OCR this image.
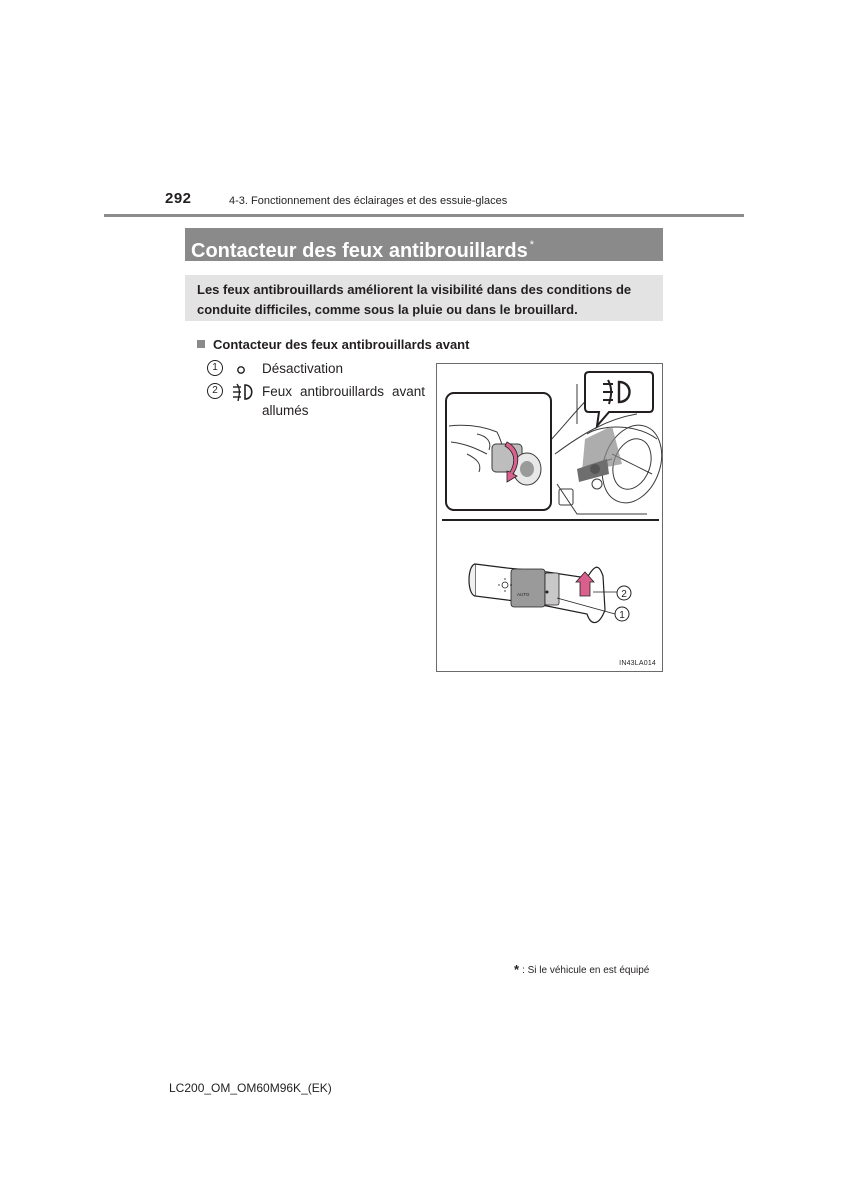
292	4-3. Fonctionnement des éclairages et des essuie-glaces
Contacteur des feux antibrouillards *
Les feux antibrouillards améliorent la visibilité dans des conditions de conduite difficiles, comme sous la pluie ou dans le brouillard.
Contacteur des feux antibrouillards avant
1	Désactivation
2	Feux antibrouillards avant allumés
AUTO	2
1
IN43LA014
* : Si le véhicule en est équipé
LC200_OM_OM60M96K_(EK)
